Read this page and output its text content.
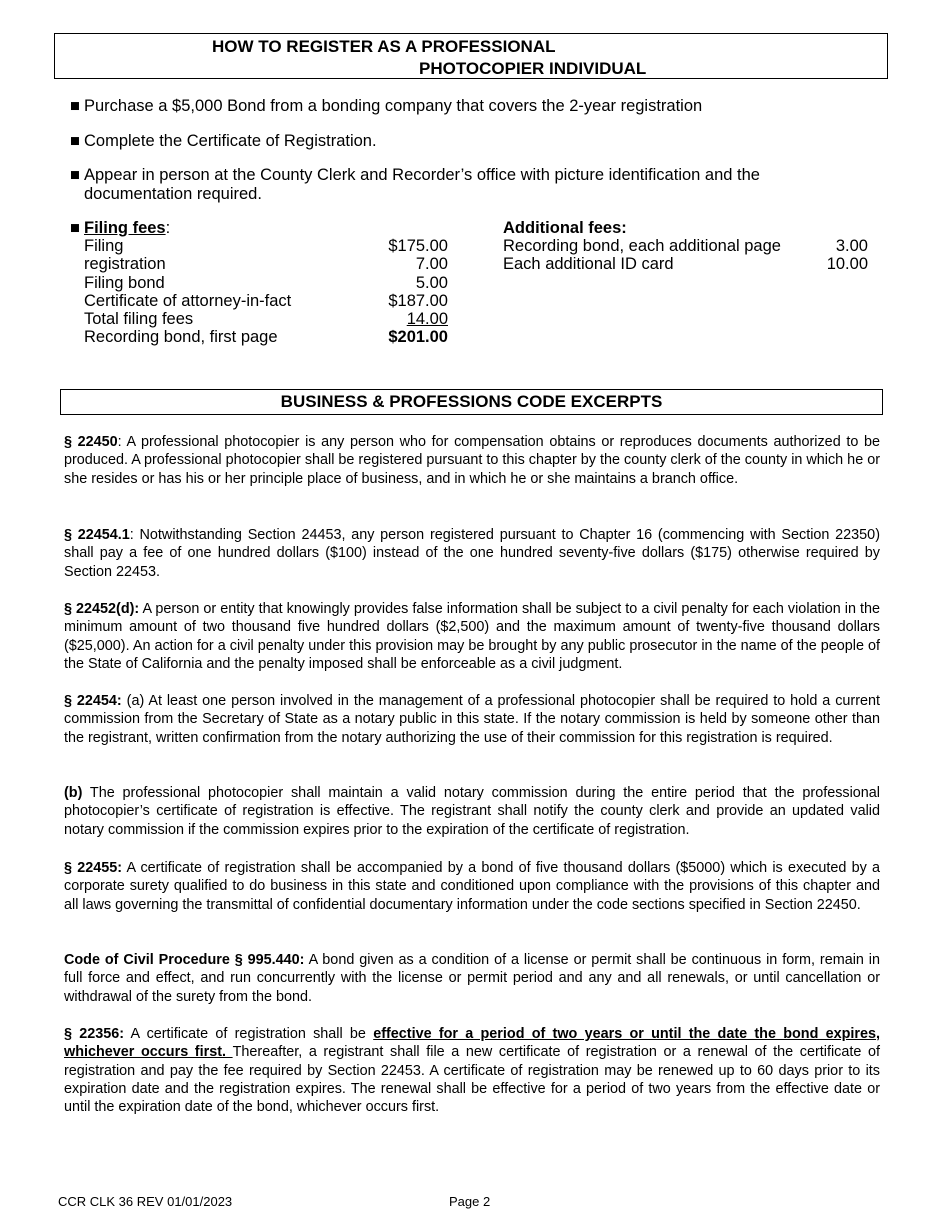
HOW TO REGISTER AS A PROFESSIONAL
PHOTOCOPIER INDIVIDUAL
■ Purchase a $5,000 Bond from a bonding company that covers the 2-year registration
■ Complete the Certificate of Registration.
■ Appear in person at the County Clerk and Recorder’s office with picture identification and the documentation required.
■ Filing fees:
Filing	$175.00
registration	7.00
Filing bond	5.00
Certificate of attorney-in-fact	$187.00
Total filing fees	14.00
Recording bond, first page	$201.00
Additional fees:
Recording bond, each additional page	3.00
Each additional ID card	10.00
BUSINESS & PROFESSIONS CODE EXCERPTS
§ 22450: A professional photocopier is any person who for compensation obtains or reproduces documents authorized to be produced. A professional photocopier shall be registered pursuant to this chapter by the county clerk of the county in which he or she resides or has his or her principle place of business, and in which he or she maintains a branch office.
§ 22454.1: Notwithstanding Section 24453, any person registered pursuant to Chapter 16 (commencing with Section 22350) shall pay a fee of one hundred dollars ($100) instead of the one hundred seventy-five dollars ($175) otherwise required by Section 22453.
§ 22452(d): A person or entity that knowingly provides false information shall be subject to a civil penalty for each violation in the minimum amount of two thousand five hundred dollars ($2,500) and the maximum amount of twenty-five thousand dollars ($25,000). An action for a civil penalty under this provision may be brought by any public prosecutor in the name of the people of the State of California and the penalty imposed shall be enforceable as a civil judgment.
§ 22454: (a) At least one person involved in the management of a professional photocopier shall be required to hold a current commission from the Secretary of State as a notary public in this state. If the notary commission is held by someone other than the registrant, written confirmation from the notary authorizing the use of their commission for this registration is required.
(b) The professional photocopier shall maintain a valid notary commission during the entire period that the professional photocopier’s certificate of registration is effective. The registrant shall notify the county clerk and provide an updated valid notary commission if the commission expires prior to the expiration of the certificate of registration.
§ 22455: A certificate of registration shall be accompanied by a bond of five thousand dollars ($5000) which is executed by a corporate surety qualified to do business in this state and conditioned upon compliance with the provisions of this chapter and all laws governing the transmittal of confidential documentary information under the code sections specified in Section 22450.
Code of Civil Procedure § 995.440: A bond given as a condition of a license or permit shall be continuous in form, remain in full force and effect, and run concurrently with the license or permit period and any and all renewals, or until cancellation or withdrawal of the surety from the bond.
§ 22356: A certificate of registration shall be effective for a period of two years or until the date the bond expires, whichever occurs first. Thereafter, a registrant shall file a new certificate of registration or a renewal of the certificate of registration and pay the fee required by Section 22453. A certificate of registration may be renewed up to 60 days prior to its expiration date and the registration expires. The renewal shall be effective for a period of two years from the effective date or until the expiration date of the bond, whichever occurs first.
CCR CLK 36 REV 01/01/2023	Page 2
